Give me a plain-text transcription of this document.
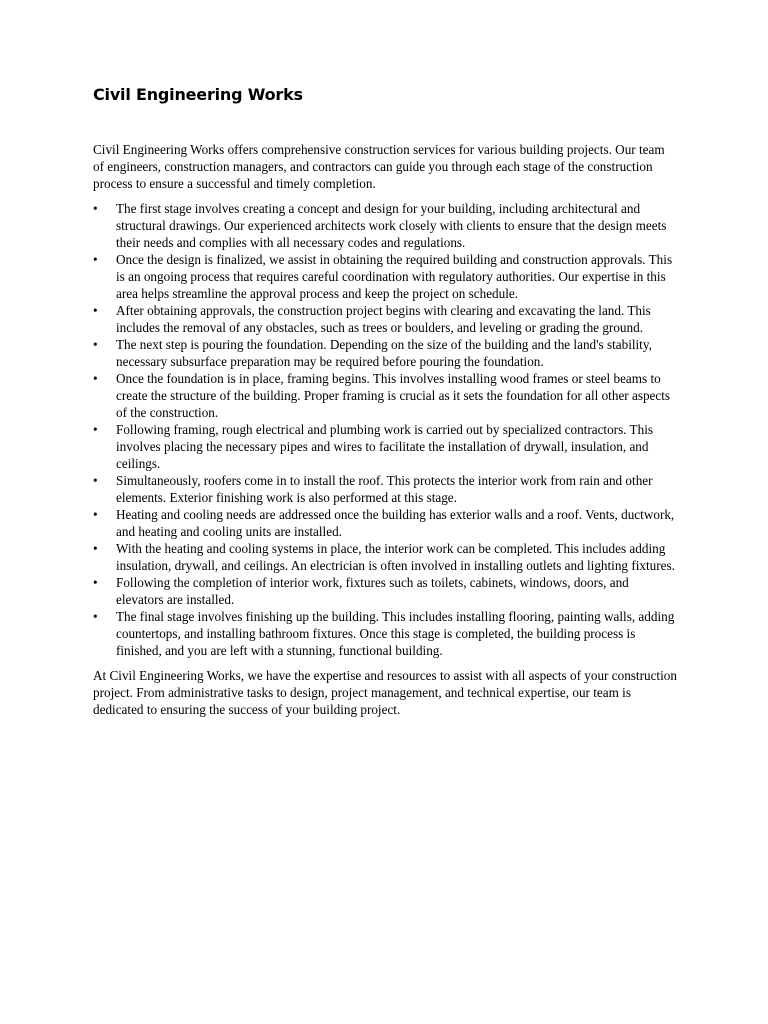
Civil Engineering Works

Civil Engineering Works offers comprehensive construction services for various building projects. Our team of engineers, construction managers, and contractors can guide you through each stage of the construction process to ensure a successful and timely completion.

•	The first stage involves creating a concept and design for your building, including architectural and structural drawings. Our experienced architects work closely with clients to ensure that the design meets their needs and complies with all necessary codes and regulations.
•	Once the design is finalized, we assist in obtaining the required building and construction approvals. This is an ongoing process that requires careful coordination with regulatory authorities. Our expertise in this area helps streamline the approval process and keep the project on schedule.
•	After obtaining approvals, the construction project begins with clearing and excavating the land. This includes the removal of any obstacles, such as trees or boulders, and leveling or grading the ground.
•	The next step is pouring the foundation. Depending on the size of the building and the land's stability, necessary subsurface preparation may be required before pouring the foundation.
•	Once the foundation is in place, framing begins. This involves installing wood frames or steel beams to create the structure of the building. Proper framing is crucial as it sets the foundation for all other aspects of the construction.
•	Following framing, rough electrical and plumbing work is carried out by specialized contractors. This involves placing the necessary pipes and wires to facilitate the installation of drywall, insulation, and ceilings.
•	Simultaneously, roofers come in to install the roof. This protects the interior work from rain and other elements. Exterior finishing work is also performed at this stage.
•	Heating and cooling needs are addressed once the building has exterior walls and a roof. Vents, ductwork, and heating and cooling units are installed.
•	With the heating and cooling systems in place, the interior work can be completed. This includes adding insulation, drywall, and ceilings. An electrician is often involved in installing outlets and lighting fixtures.
•	Following the completion of interior work, fixtures such as toilets, cabinets, windows, doors, and elevators are installed.
•	The final stage involves finishing up the building. This includes installing flooring, painting walls, adding countertops, and installing bathroom fixtures. Once this stage is completed, the building process is finished, and you are left with a stunning, functional building.

At Civil Engineering Works, we have the expertise and resources to assist with all aspects of your construction project. From administrative tasks to design, project management, and technical expertise, our team is dedicated to ensuring the success of your building project.
